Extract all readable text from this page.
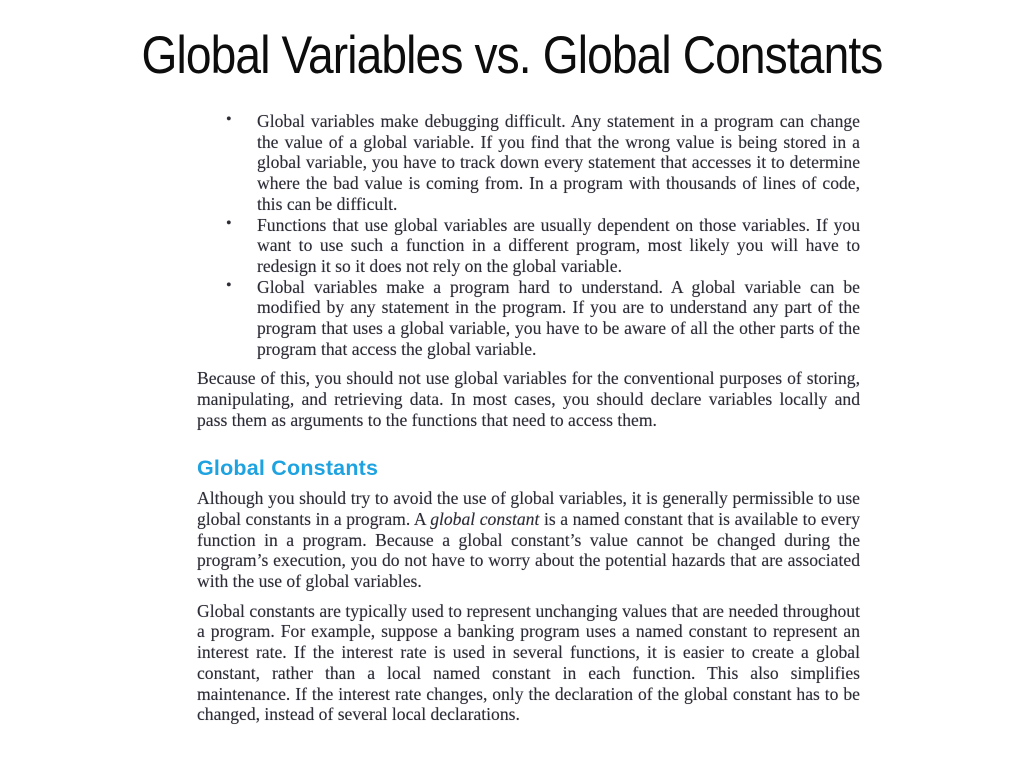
Global Variables vs. Global Constants
• Global variables make debugging difficult. Any statement in a program can change the value of a global variable. If you find that the wrong value is being stored in a global variable, you have to track down every statement that accesses it to determine where the bad value is coming from. In a program with thousands of lines of code, this can be difficult.
• Functions that use global variables are usually dependent on those variables. If you want to use such a function in a different program, most likely you will have to redesign it so it does not rely on the global variable.
• Global variables make a program hard to understand. A global variable can be modified by any statement in the program. If you are to understand any part of the program that uses a global variable, you have to be aware of all the other parts of the program that access the global variable.

Because of this, you should not use global variables for the conventional purposes of storing, manipulating, and retrieving data. In most cases, you should declare variables locally and pass them as arguments to the functions that need to access them.

Global Constants

Although you should try to avoid the use of global variables, it is generally permissible to use global constants in a program. A global constant is a named constant that is available to every function in a program. Because a global constant’s value cannot be changed during the program’s execution, you do not have to worry about the potential hazards that are associated with the use of global variables.

Global constants are typically used to represent unchanging values that are needed throughout a program. For example, suppose a banking program uses a named constant to represent an interest rate. If the interest rate is used in several functions, it is easier to create a global constant, rather than a local named constant in each function. This also simplifies maintenance. If the interest rate changes, only the declaration of the global constant has to be changed, instead of several local declarations.
